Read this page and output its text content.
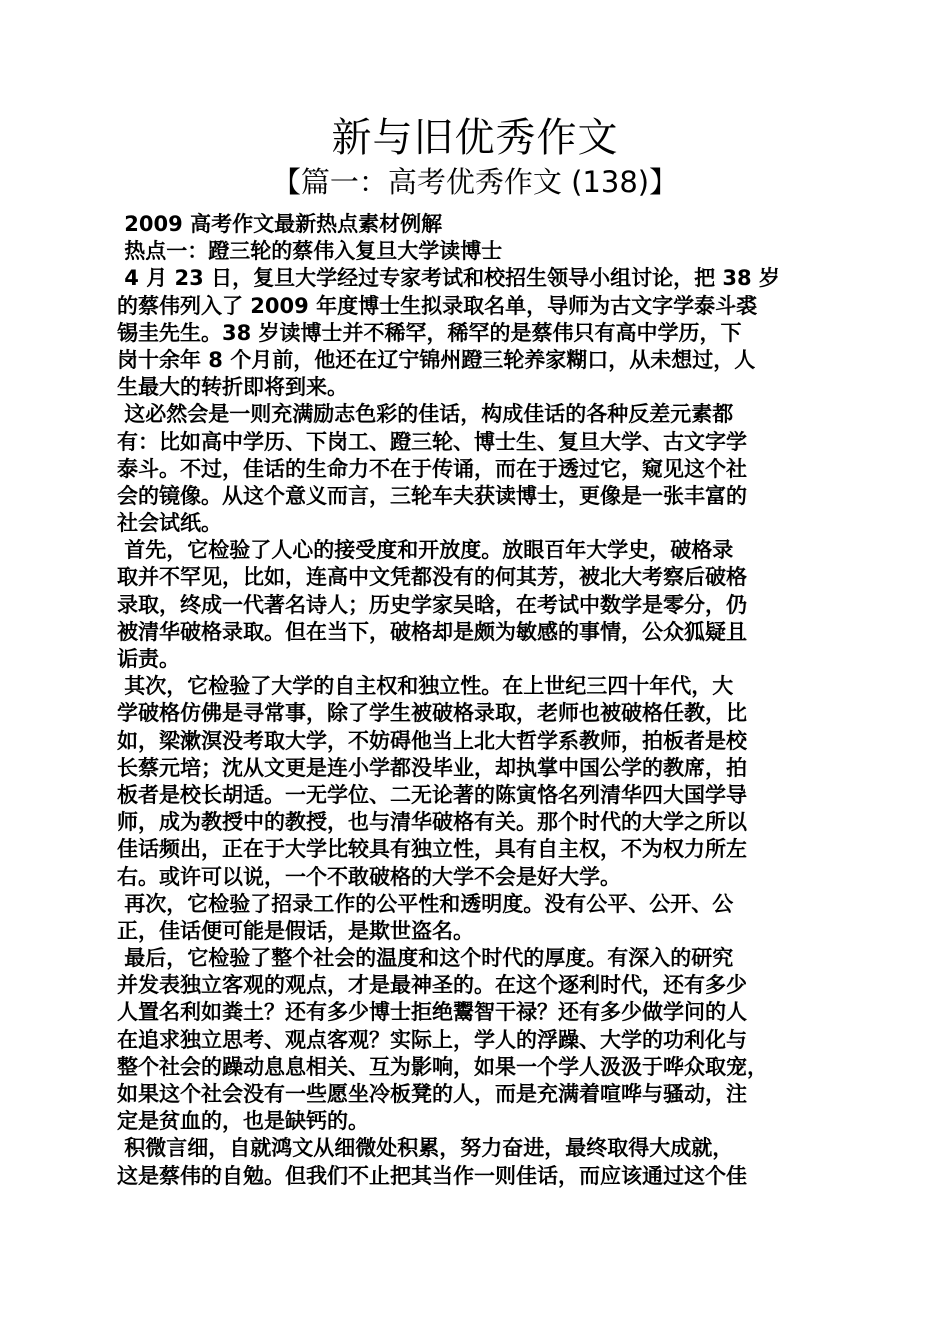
新与旧优秀作文
【篇一：高考优秀作文 (138)】
2009 高考作文最新热点素材例解
热点一：蹬三轮的蔡伟入复旦大学读博士
4 月 23 日，复旦大学经过专家考试和校招生领导小组讨论，把 38 岁
的蔡伟列入了 2009 年度博士生拟录取名单，导师为古文字学泰斗裘
锡圭先生。38 岁读博士并不稀罕，稀罕的是蔡伟只有高中学历，下
岗十余年 8 个月前，他还在辽宁锦州蹬三轮养家糊口，从未想过，人
生最大的转折即将到来。
这必然会是一则充满励志色彩的佳话，构成佳话的各种反差元素都
有：比如高中学历、下岗工、蹬三轮、博士生、复旦大学、古文字学
泰斗。不过，佳话的生命力不在于传诵，而在于透过它，窥见这个社
会的镜像。从这个意义而言，三轮车夫获读博士，更像是一张丰富的
社会试纸。
首先，它检验了人心的接受度和开放度。放眼百年大学史，破格录
取并不罕见，比如，连高中文凭都没有的何其芳，被北大考察后破格
录取，终成一代著名诗人；历史学家吴晗，在考试中数学是零分，仍
被清华破格录取。但在当下，破格却是颇为敏感的事情，公众狐疑且
诟责。
其次，它检验了大学的自主权和独立性。在上世纪三四十年代，大
学破格仿佛是寻常事，除了学生被破格录取，老师也被破格任教，比
如，梁漱溟没考取大学，不妨碍他当上北大哲学系教师，拍板者是校
长蔡元培；沈从文更是连小学都没毕业，却执掌中国公学的教席，拍
板者是校长胡适。一无学位、二无论著的陈寅恪名列清华四大国学导
师，成为教授中的教授，也与清华破格有关。那个时代的大学之所以
佳话频出，正在于大学比较具有独立性，具有自主权，不为权力所左
右。或许可以说，一个不敢破格的大学不会是好大学。
再次，它检验了招录工作的公平性和透明度。没有公平、公开、公
正，佳话便可能是假话，是欺世盗名。
最后，它检验了整个社会的温度和这个时代的厚度。有深入的研究
并发表独立客观的观点，才是最神圣的。在这个逐利时代，还有多少
人置名利如粪土？还有多少博士拒绝鬻智干禄？还有多少做学问的人
在追求独立思考、观点客观？实际上，学人的浮躁、大学的功利化与
整个社会的躁动息息相关、互为影响，如果一个学人汲汲于哗众取宠，
如果这个社会没有一些愿坐冷板凳的人，而是充满着喧哗与骚动，注
定是贫血的，也是缺钙的。
积微言细，自就鸿文从细微处积累，努力奋进，最终取得大成就，
这是蔡伟的自勉。但我们不止把其当作一则佳话，而应该通过这个佳
